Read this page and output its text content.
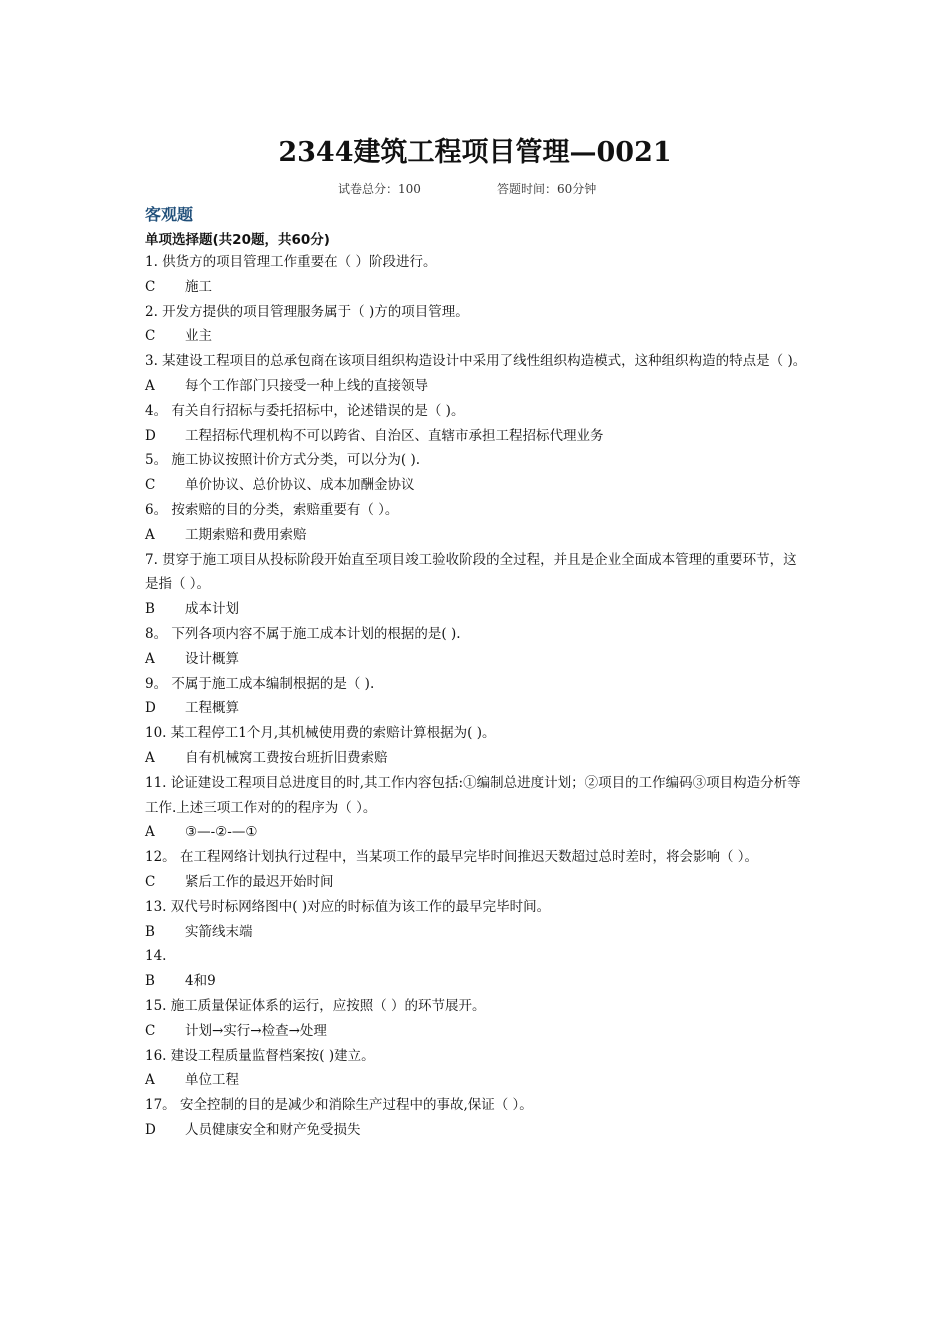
2344建筑工程项目管理—0021
试卷总分：100	答题时间：60分钟
客观题
单项选择题(共20题，共60分)

1. 供货方的项目管理工作重要在（ ）阶段进行。

C 施工

2. 开发方提供的项目管理服务属于（ )方的项目管理。

C 业主

3. 某建设工程项目的总承包商在该项目组织构造设计中采用了线性组织构造模式，这种组织构造的特点是（ )。

A 每个工作部门只接受一种上线的直接领导

4。 有关自行招标与委托招标中，论述错误的是（ )。

D 工程招标代理机构不可以跨省、自治区、直辖市承担工程招标代理业务

5。 施工协议按照计价方式分类，可以分为( ).

C 单价协议、总价协议、成本加酬金协议

6。 按索赔的目的分类，索赔重要有（ ）。

A 工期索赔和费用索赔

7. 贯穿于施工项目从投标阶段开始直至项目竣工验收阶段的全过程，并且是企业全面成本管理的重要环节，这是指（ ）。

B 成本计划

8。 下列各项内容不属于施工成本计划的根据的是( ).

A 设计概算

9。 不属于施工成本编制根据的是（ ).

D 工程概算

10. 某工程停工1个月,其机械使用费的索赔计算根据为( )。

A 自有机械窝工费按台班折旧费索赔

11. 论证建设工程项目总进度目的时,其工作内容包括:①编制总进度计划；②项目的工作编码③项目构造分析等工作.上述三项工作对的的程序为（ ）。

A ③—-②-—①

12。 在工程网络计划执行过程中，当某项工作的最早完毕时间推迟天数超过总时差时，将会影响（ ）。

C 紧后工作的最迟开始时间

13. 双代号时标网络图中( )对应的时标值为该工作的最早完毕时间。

B 实箭线末端

14.

B 4和9

15. 施工质量保证体系的运行，应按照（ ）的环节展开。

C 计划→实行→检查→处理

16. 建设工程质量监督档案按( )建立。

A 单位工程

17。 安全控制的目的是减少和消除生产过程中的事故,保证（ ）。

D 人员健康安全和财产免受损失
